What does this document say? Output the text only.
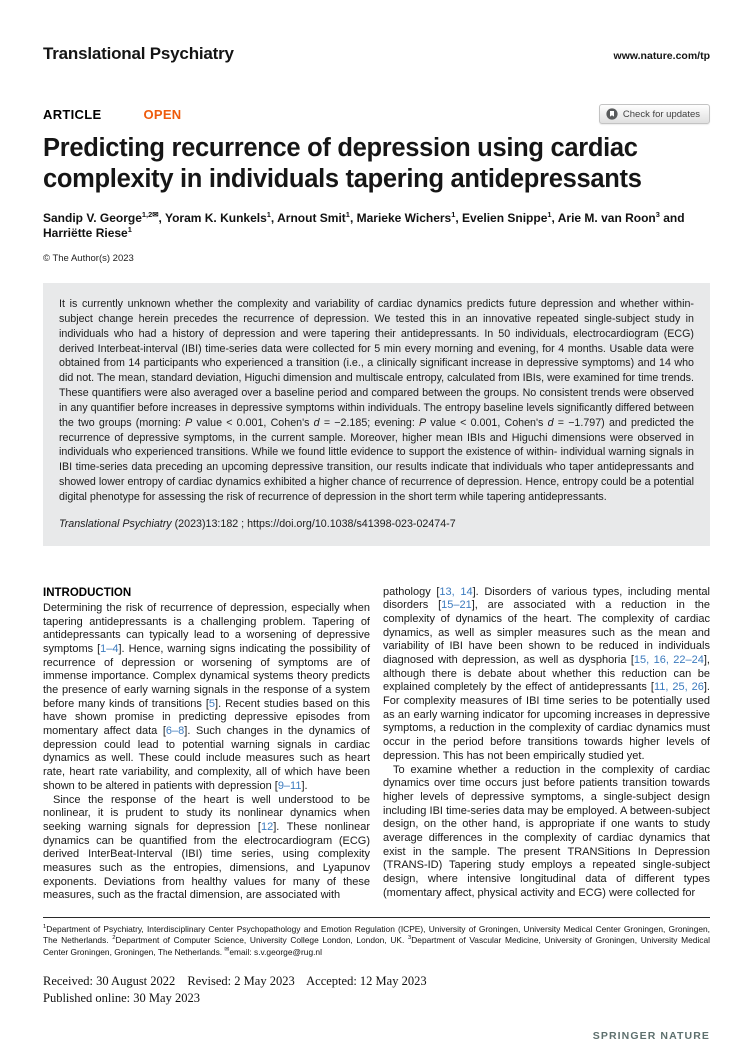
Translational Psychiatry	www.nature.com/tp
ARTICLE	OPEN	Check for updates
Predicting recurrence of depression using cardiac complexity in individuals tapering antidepressants

Sandip V. George$^{1,2✉}$, Yoram K. Kunkels$^1$, Arnout Smit$^1$, Marieke Wichers$^1$, Evelien Snippe$^1$, Arie M. van Roon$^3$ and Harriëtte Riese$^1$

© The Author(s) 2023

It is currently unknown whether the complexity and variability of cardiac dynamics predicts future depression and whether within-subject change herein precedes the recurrence of depression. We tested this in an innovative repeated single-subject study in individuals who had a history of depression and were tapering their antidepressants. In 50 individuals, electrocardiogram (ECG) derived Interbeat-interval (IBI) time-series data were collected for 5 min every morning and evening, for 4 months. Usable data were obtained from 14 participants who experienced a transition (i.e., a clinically significant increase in depressive symptoms) and 14 who did not. The mean, standard deviation, Higuchi dimension and multiscale entropy, calculated from IBIs, were examined for time trends. These quantifiers were also averaged over a baseline period and compared between the groups. No consistent trends were observed in any quantifier before increases in depressive symptoms within individuals. The entropy baseline levels significantly differed between the two groups (morning: P value < 0.001, Cohen's d = −2.185; evening: P value < 0.001, Cohen's d = −1.797) and predicted the recurrence of depressive symptoms, in the current sample. Moreover, higher mean IBIs and Higuchi dimensions were observed in individuals who experienced transitions. While we found little evidence to support the existence of within- individual warning signals in IBI time-series data preceding an upcoming depressive transition, our results indicate that individuals who taper antidepressants and showed lower entropy of cardiac dynamics exhibited a higher chance of recurrence of depression. Hence, entropy could be a potential digital phenotype for assessing the risk of recurrence of depression in the short term while tapering antidepressants.

Translational Psychiatry (2023)13:182 ; https://doi.org/10.1038/s41398-023-02474-7

INTRODUCTION

Determining the risk of recurrence of depression, especially when tapering antidepressants is a challenging problem. Tapering of antidepressants can typically lead to a worsening of depressive symptoms [1–4]. Hence, warning signs indicating the possibility of recurrence of depression or worsening of symptoms are of immense importance. Complex dynamical systems theory predicts the presence of early warning signals in the response of a system before many kinds of transitions [5]. Recent studies based on this have shown promise in predicting depressive episodes from momentary affect data [6–8]. Such changes in the dynamics of depression could lead to potential warning signals in cardiac dynamics as well. These could include measures such as heart rate, heart rate variability, and complexity, all of which have been shown to be altered in patients with depression [9–11].

Since the response of the heart is well understood to be nonlinear, it is prudent to study its nonlinear dynamics when seeking warning signals for depression [12]. These nonlinear dynamics can be quantified from the electrocardiogram (ECG) derived InterBeat-Interval (IBI) time series, using complexity measures such as the entropies, dimensions, and Lyapunov exponents. Deviations from healthy values for many of these measures, such as the fractal dimension, are associated with

pathology [13, 14]. Disorders of various types, including mental disorders [15–21], are associated with a reduction in the complexity of dynamics of the heart. The complexity of cardiac dynamics, as well as simpler measures such as the mean and variability of IBI have been shown to be reduced in individuals diagnosed with depression, as well as dysphoria [15, 16, 22–24], although there is debate about whether this reduction can be explained completely by the effect of antidepressants [11, 25, 26]. For complexity measures of IBI time series to be potentially used as an early warning indicator for upcoming increases in depressive symptoms, a reduction in the complexity of cardiac dynamics must occur in the period before transitions towards higher levels of depression. This has not been empirically studied yet.

To examine whether a reduction in the complexity of cardiac dynamics over time occurs just before patients transition towards higher levels of depressive symptoms, a single-subject design including IBI time-series data may be employed. A between-subject design, on the other hand, is appropriate if one wants to study average differences in the complexity of cardiac dynamics that exist in the sample. The present TRANSitions In Depression (TRANS-ID) Tapering study employs a repeated single-subject design, where intensive longitudinal data of different types (momentary affect, physical activity and ECG) were collected for

$^1$Department of Psychiatry, Interdisciplinary Center Psychopathology and Emotion Regulation (ICPE), University of Groningen, University Medical Center Groningen, Groningen, The Netherlands. $^2$Department of Computer Science, University College London, London, UK. $^3$Department of Vascular Medicine, University of Groningen, University Medical Center Groningen, Groningen, The Netherlands. ✉email: s.v.george@rug.nl
Received: 30 August 2022 Revised: 2 May 2023 Accepted: 12 May 2023
Published online: 30 May 2023
SPRINGER NATURE
